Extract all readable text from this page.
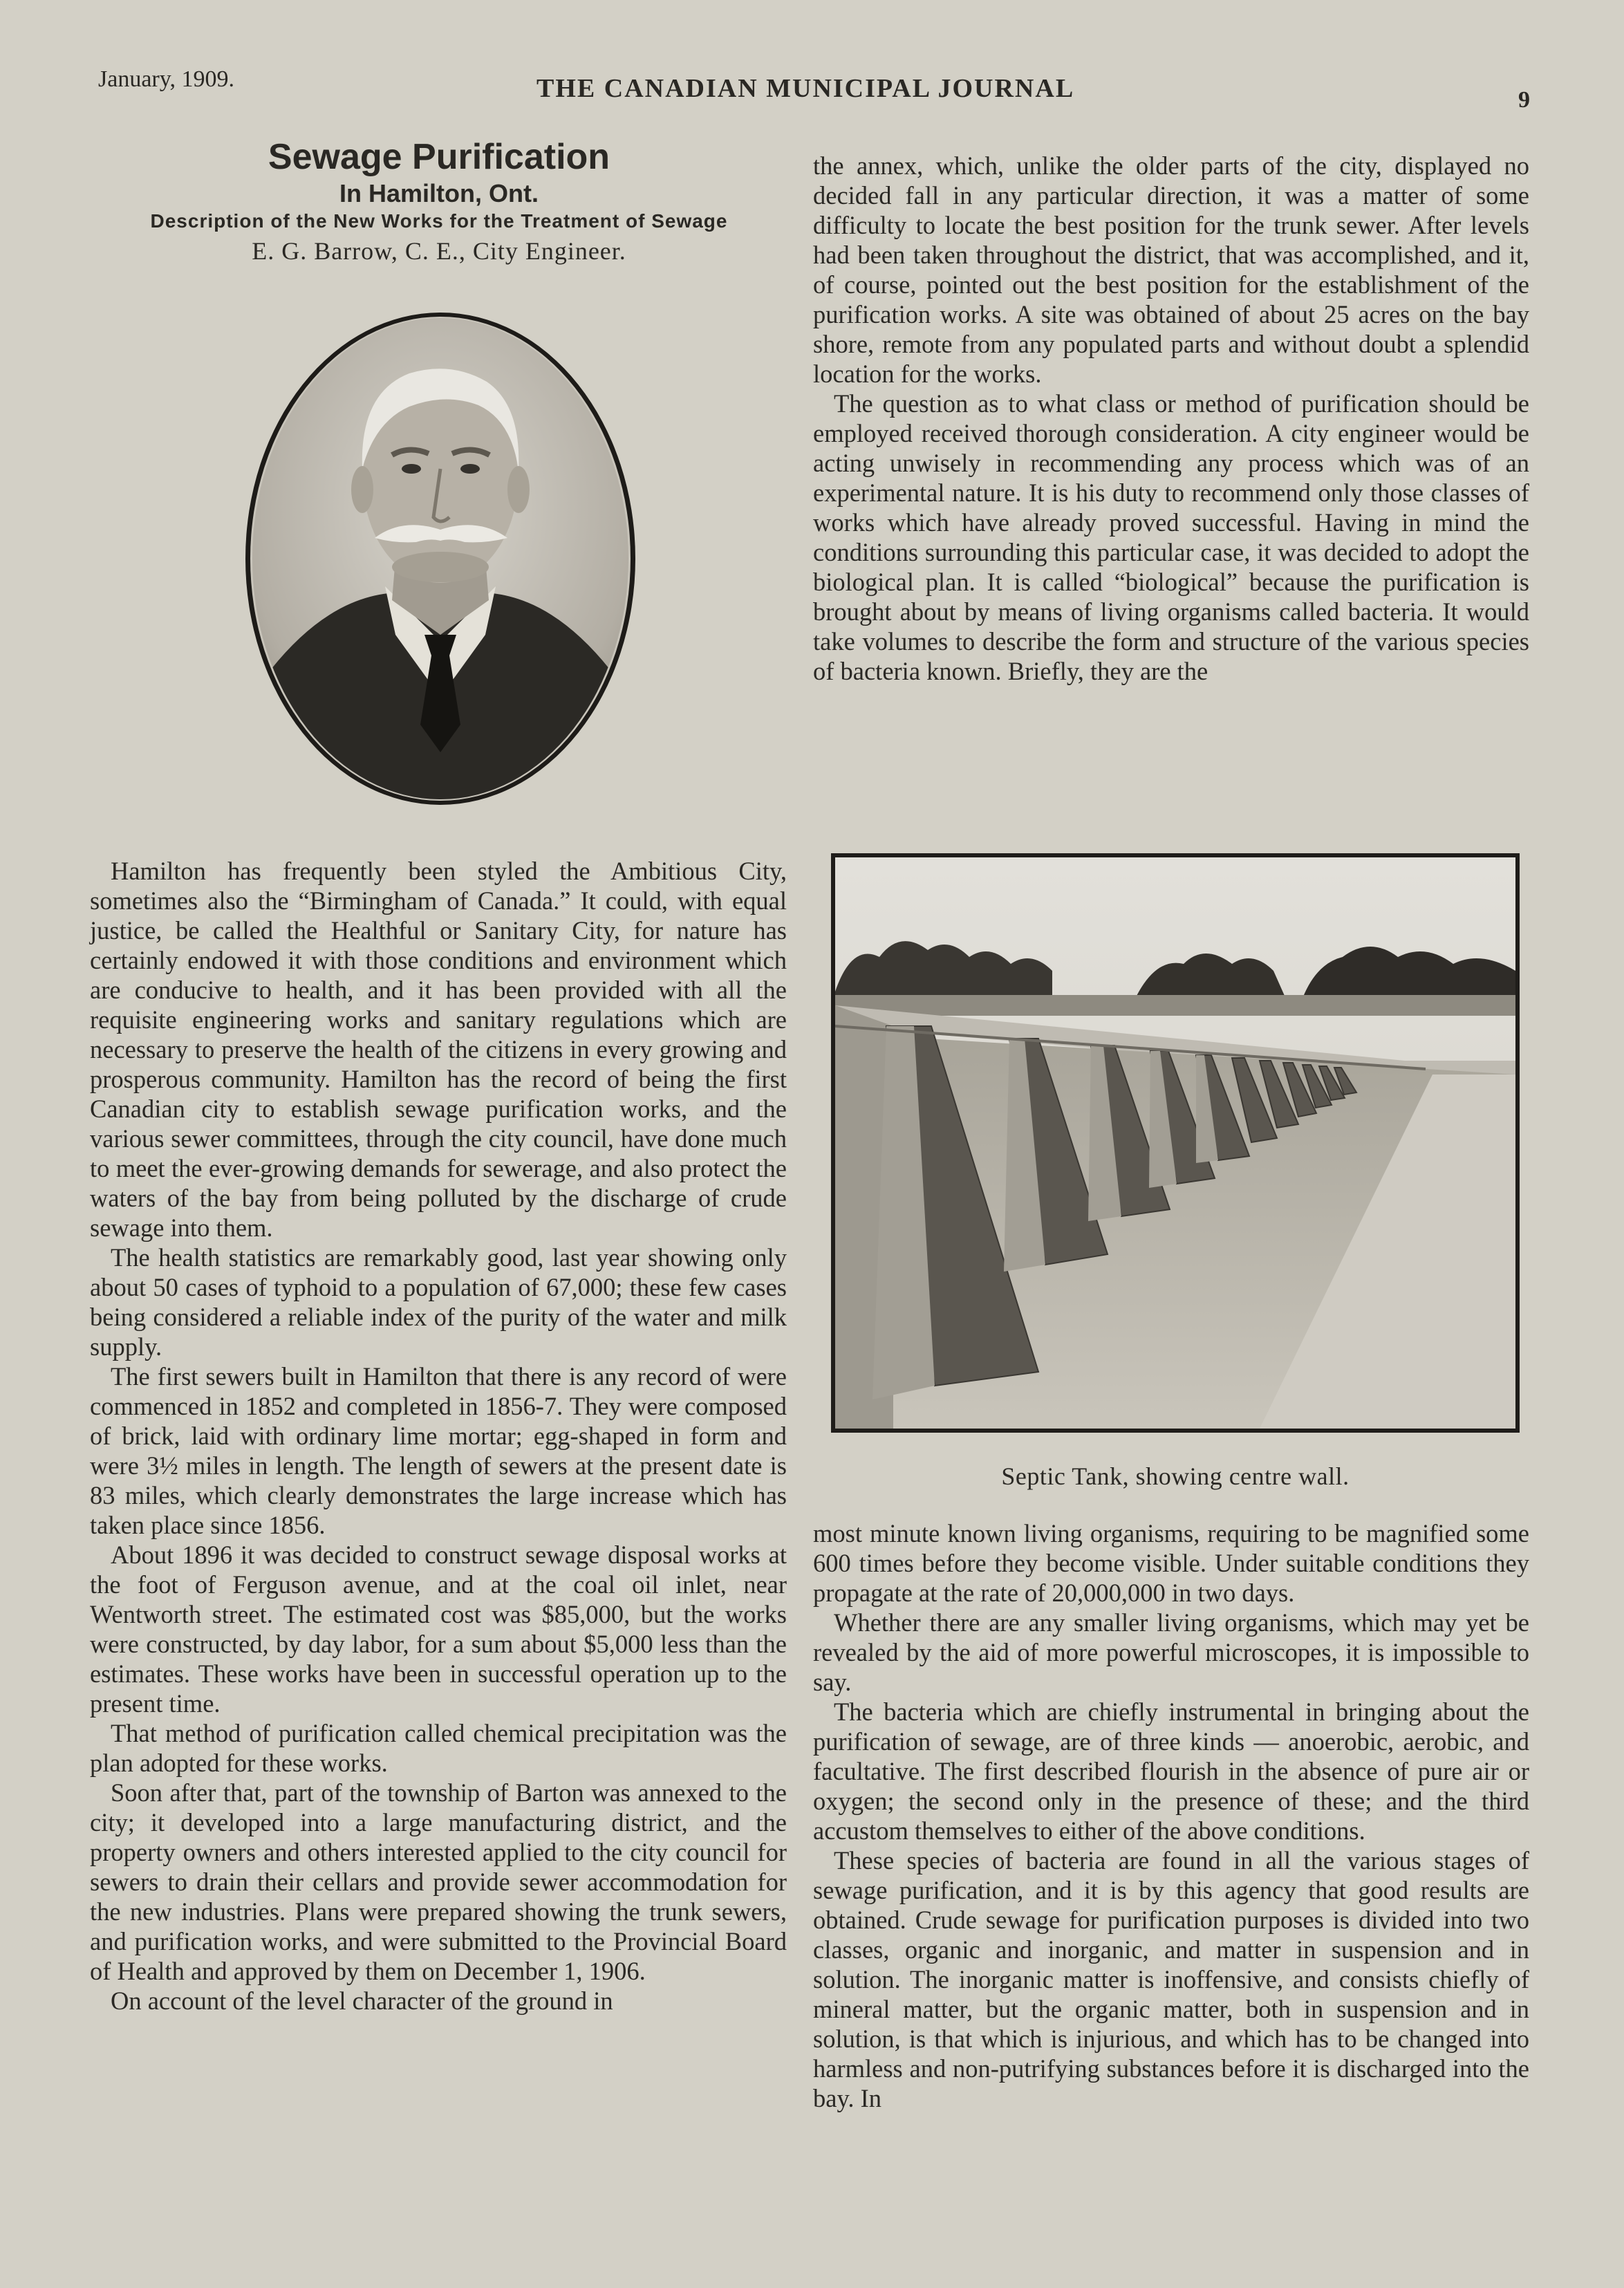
January, 1909.	THE CANADIAN MUNICIPAL JOURNAL	9
Sewage Purification
In Hamilton, Ont.
Description of the New Works for the Treatment of Sewage
E. G. Barrow, C. E., City Engineer.

Hamilton has frequently been styled the Ambitious City, sometimes also the “Birmingham of Canada.” It could, with equal justice, be called the Healthful or Sanitary City, for nature has certainly endowed it with those conditions and environment which are conducive to health, and it has been provided with all the requisite engineering works and sanitary regulations which are necessary to preserve the health of the citizens in every growing and prosperous community. Hamilton has the record of being the first Canadian city to establish sewage purification works, and the various sewer committees, through the city council, have done much to meet the ever-growing demands for sewerage, and also protect the waters of the bay from being polluted by the discharge of crude sewage into them.

The health statistics are remarkably good, last year showing only about 50 cases of typhoid to a population of 67,000; these few cases being considered a reliable index of the purity of the water and milk supply.

The first sewers built in Hamilton that there is any record of were commenced in 1852 and completed in 1856-7. They were composed of brick, laid with ordinary lime mortar; egg-shaped in form and were 3½ miles in length. The length of sewers at the present date is 83 miles, which clearly demonstrates the large increase which has taken place since 1856.

About 1896 it was decided to construct sewage disposal works at the foot of Ferguson avenue, and at the coal oil inlet, near Wentworth street. The estimated cost was $85,000, but the works were constructed, by day labor, for a sum about $5,000 less than the estimates. These works have been in successful operation up to the present time.

That method of purification called chemical precipitation was the plan adopted for these works.

Soon after that, part of the township of Barton was annexed to the city; it developed into a large manufacturing district, and the property owners and others interested applied to the city council for sewers to drain their cellars and provide sewer accommodation for the new industries. Plans were prepared showing the trunk sewers, and purification works, and were submitted to the Provincial Board of Health and approved by them on December 1, 1906.

On account of the level character of the ground in

the annex, which, unlike the older parts of the city, displayed no decided fall in any particular direction, it was a matter of some difficulty to locate the best position for the trunk sewer. After levels had been taken throughout the district, that was accomplished, and it, of course, pointed out the best position for the establishment of the purification works. A site was obtained of about 25 acres on the bay shore, remote from any populated parts and without doubt a splendid location for the works.

The question as to what class or method of purification should be employed received thorough consideration. A city engineer would be acting unwisely in recommending any process which was of an experimental nature. It is his duty to recommend only those classes of works which have already proved successful. Having in mind the conditions surrounding this particular case, it was decided to adopt the biological plan. It is called “biological” because the purification is brought about by means of living organisms called bacteria. It would take volumes to describe the form and structure of the various species of bacteria known. Briefly, they are the

Septic Tank, showing centre wall.

most minute known living organisms, requiring to be magnified some 600 times before they become visible. Under suitable conditions they propagate at the rate of 20,000,000 in two days.

Whether there are any smaller living organisms, which may yet be revealed by the aid of more powerful microscopes, it is impossible to say.

The bacteria which are chiefly instrumental in bringing about the purification of sewage, are of three kinds — anoerobic, aerobic, and facultative. The first described flourish in the absence of pure air or oxygen; the second only in the presence of these; and the third accustom themselves to either of the above conditions.

These species of bacteria are found in all the various stages of sewage purification, and it is by this agency that good results are obtained. Crude sewage for purification purposes is divided into two classes, organic and inorganic, and matter in suspension and in solution. The inorganic matter is inoffensive, and consists chiefly of mineral matter, but the organic matter, both in suspension and in solution, is that which is injurious, and which has to be changed into harmless and non-putrifying substances before it is discharged into the bay. In
